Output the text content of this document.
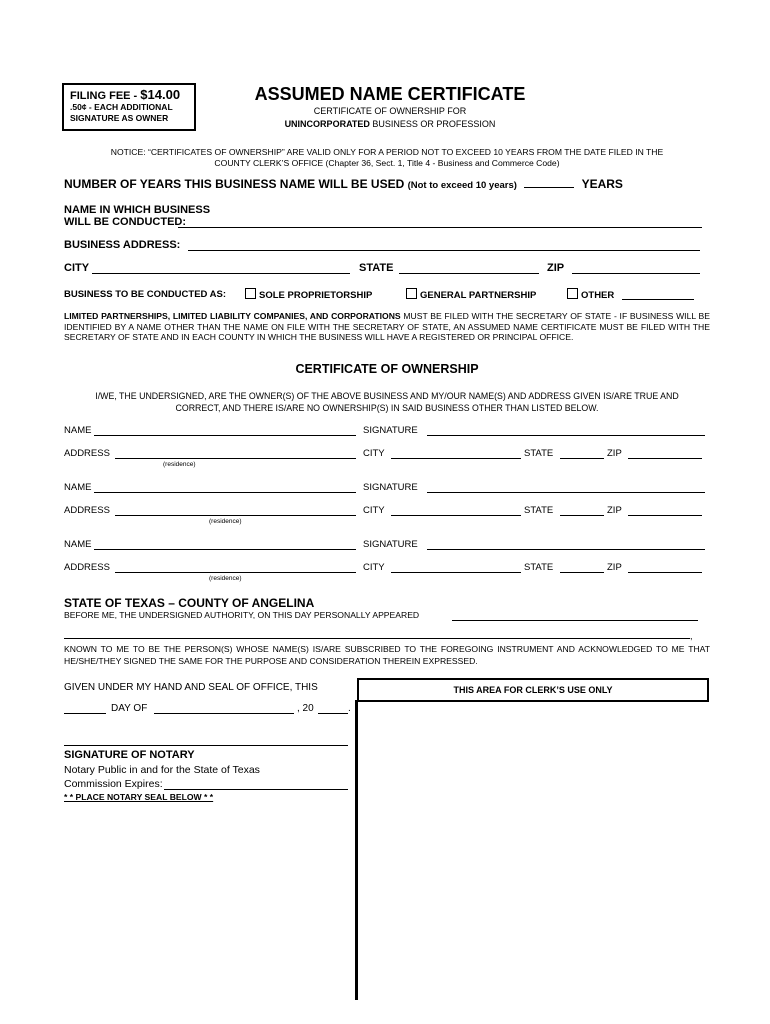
FILING FEE - $14.00
.50¢ - EACH ADDITIONAL
SIGNATURE AS OWNER
ASSUMED NAME CERTIFICATE
CERTIFICATE OF OWNERSHIP FOR
UNINCORPORATED BUSINESS OR PROFESSION
NOTICE: “CERTIFICATES OF OWNERSHIP” ARE VALID ONLY FOR A PERIOD NOT TO EXCEED 10 YEARS FROM THE DATE FILED IN THE
COUNTY CLERK’S OFFICE (Chapter 36, Sect. 1, Title 4 - Business and Commerce Code)
NUMBER OF YEARS THIS BUSINESS NAME WILL BE USED (Not to exceed 10 years)	YEARS
NAME IN WHICH BUSINESS
WILL BE CONDUCTED:
BUSINESS ADDRESS:
CITY	STATE	ZIP
BUSINESS TO BE CONDUCTED AS:	SOLE PROPRIETORSHIP	GENERAL PARTNERSHIP	OTHER
LIMITED PARTNERSHIPS, LIMITED LIABILITY COMPANIES, AND CORPORATIONS MUST BE FILED WITH THE SECRETARY OF STATE - IF BUSINESS WILL BE IDENTIFIED BY A NAME OTHER THAN THE NAME ON FILE WITH THE SECRETARY OF STATE, AN ASSUMED NAME CERTIFICATE MUST BE FILED WITH THE SECRETARY OF STATE AND IN EACH COUNTY IN WHICH THE BUSINESS WILL HAVE A REGISTERED OR PRINCIPAL OFFICE.
CERTIFICATE OF OWNERSHIP
I/WE, THE UNDERSIGNED, ARE THE OWNER(S) OF THE ABOVE BUSINESS AND MY/OUR NAME(S) AND ADDRESS GIVEN IS/ARE TRUE AND
CORRECT, AND THERE IS/ARE NO OWNERSHIP(S) IN SAID BUSINESS OTHER THAN LISTED BELOW.
NAME	SIGNATURE
ADDRESS	CITY	STATE	ZIP
(residence)
NAME	SIGNATURE
ADDRESS	CITY	STATE	ZIP
(residence)
NAME	SIGNATURE
ADDRESS	CITY	STATE	ZIP
(residence)
STATE OF TEXAS – COUNTY OF ANGELINA
BEFORE ME, THE UNDERSIGNED AUTHORITY, ON THIS DAY PERSONALLY APPEARED
,
KNOWN TO ME TO BE THE PERSON(S) WHOSE NAME(S) IS/ARE SUBSCRIBED TO THE FOREGOING INSTRUMENT AND ACKNOWLEDGED TO ME THAT HE/SHE/THEY SIGNED THE SAME FOR THE PURPOSE AND CONSIDERATION THEREIN EXPRESSED.
GIVEN UNDER MY HAND AND SEAL OF OFFICE, THIS
DAY OF	, 20	.
THIS AREA FOR CLERK’S USE ONLY
SIGNATURE OF NOTARY
Notary Public in and for the State of Texas
Commission Expires:
* * PLACE NOTARY SEAL BELOW * *
